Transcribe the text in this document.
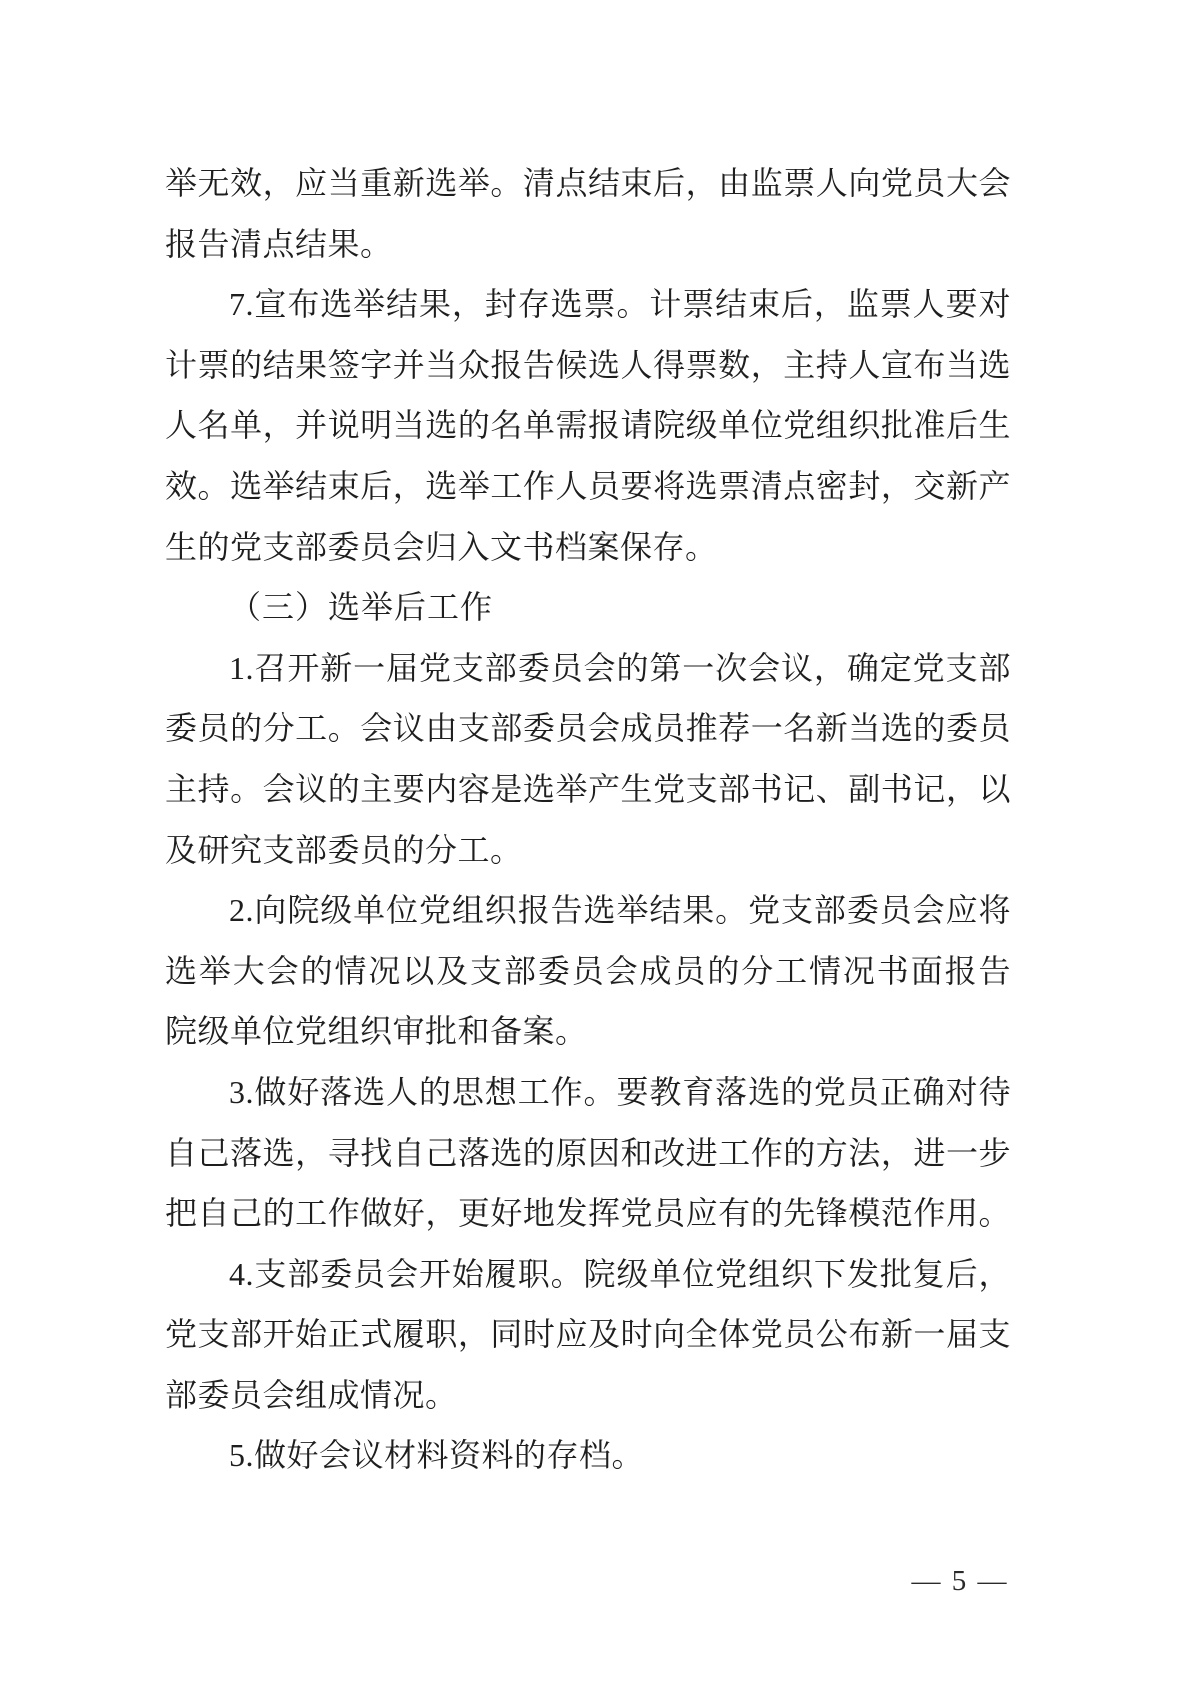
举无效，应当重新选举。清点结束后，由监票人向党员大会
报告清点结果。
7.宣布选举结果，封存选票。计票结束后，监票人要对
计票的结果签字并当众报告候选人得票数，主持人宣布当选
人名单，并说明当选的名单需报请院级单位党组织批准后生
效。选举结束后，选举工作人员要将选票清点密封，交新产
生的党支部委员会归入文书档案保存。
（三）选举后工作
1.召开新一届党支部委员会的第一次会议，确定党支部
委员的分工。会议由支部委员会成员推荐一名新当选的委员
主持。会议的主要内容是选举产生党支部书记、副书记，以
及研究支部委员的分工。
2.向院级单位党组织报告选举结果。党支部委员会应将
选举大会的情况以及支部委员会成员的分工情况书面报告
院级单位党组织审批和备案。
3.做好落选人的思想工作。要教育落选的党员正确对待
自己落选，寻找自己落选的原因和改进工作的方法，进一步
把自己的工作做好，更好地发挥党员应有的先锋模范作用。
4.支部委员会开始履职。院级单位党组织下发批复后，
党支部开始正式履职，同时应及时向全体党员公布新一届支
部委员会组成情况。
5.做好会议材料资料的存档。
— 5 —
